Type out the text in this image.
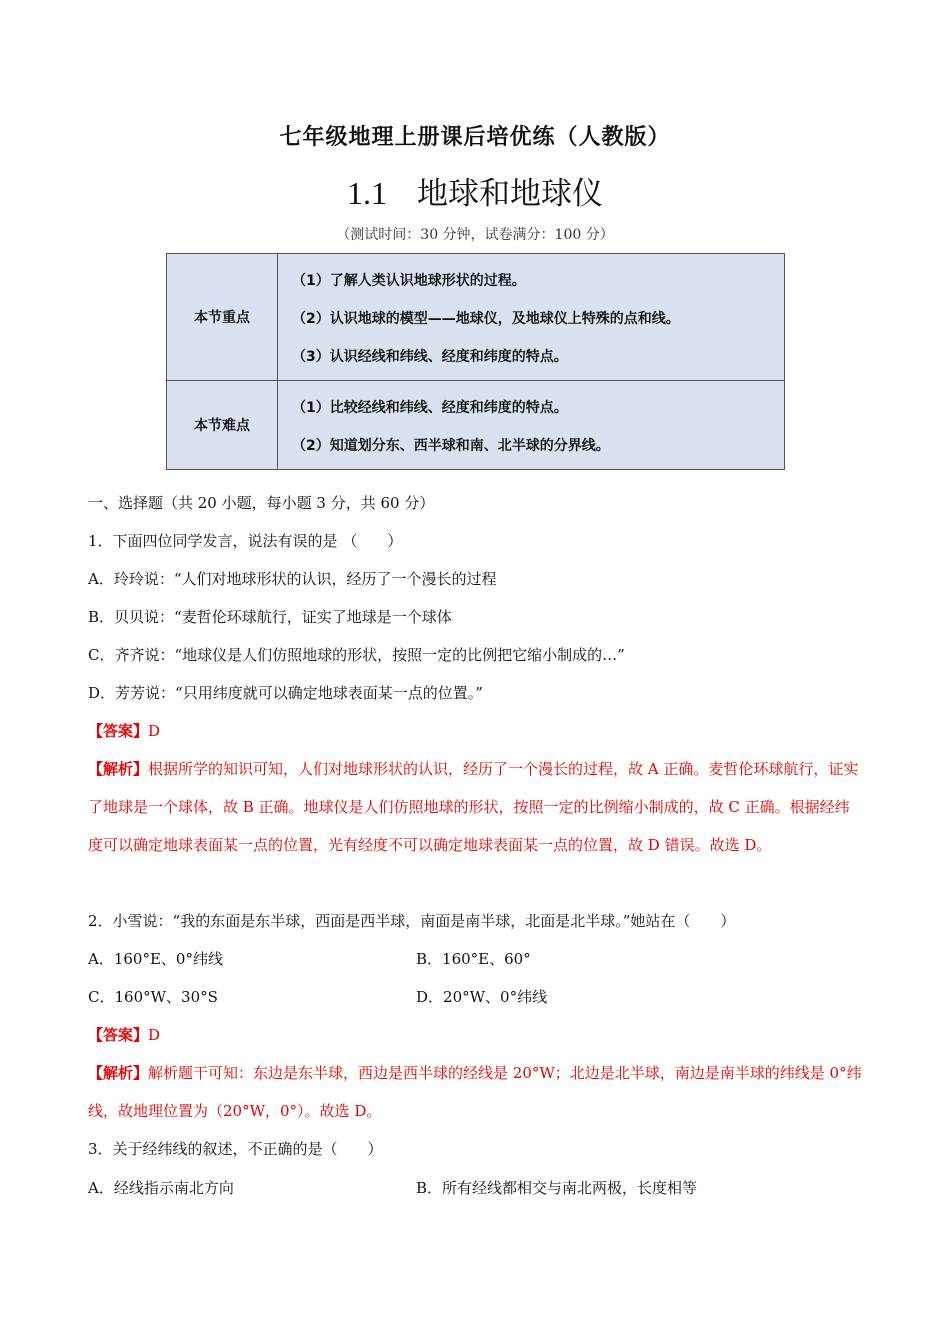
七年级地理上册课后培优练（人教版）
1.1 地球和地球仪
（测试时间：30 分钟，试卷满分：100 分）
本节重点	（1）了解人类认识地球形状的过程。
（2）认识地球的模型——地球仪，及地球仪上特殊的点和线。
（3）认识经线和纬线、经度和纬度的特点。

本节难点	（1）比较经线和纬线、经度和纬度的特点。
（2）知道划分东、西半球和南、北半球的分界线。
一、选择题（共 20 小题，每小题 3 分，共 60 分）
1．下面四位同学发言，说法有误的是 （　　）
A．玲玲说：“人们对地球形状的认识，经历了一个漫长的过程
B．贝贝说：“麦哲伦环球航行，证实了地球是一个球体
C．齐齐说：“地球仪是人们仿照地球的形状，按照一定的比例把它缩小制成的…”
D．芳芳说：“只用纬度就可以确定地球表面某一点的位置。”
【答案】D
【解析】根据所学的知识可知，人们对地球形状的认识，经历了一个漫长的过程，故 A 正确。麦哲伦环球航行，证实了地球是一个球体，故 B 正确。地球仪是人们仿照地球的形状，按照一定的比例缩小制成的，故 C 正确。根据经纬度可以确定地球表面某一点的位置，光有经度不可以确定地球表面某一点的位置，故 D 错误。故选 D。
2．小雪说：“我的东面是东半球，西面是西半球，南面是南半球，北面是北半球。”她站在（　　）
A．160°E、0°纬线	B．160°E、60°
C．160°W、30°S	D．20°W、0°纬线
【答案】D
【解析】解析题干可知：东边是东半球，西边是西半球的经线是 20°W；北边是北半球，南边是南半球的纬线是 0°纬线，故地理位置为（20°W，0°）。故选 D。
3．关于经纬线的叙述，不正确的是（　　）
A．经线指示南北方向	B．所有经线都相交与南北两极，长度相等
